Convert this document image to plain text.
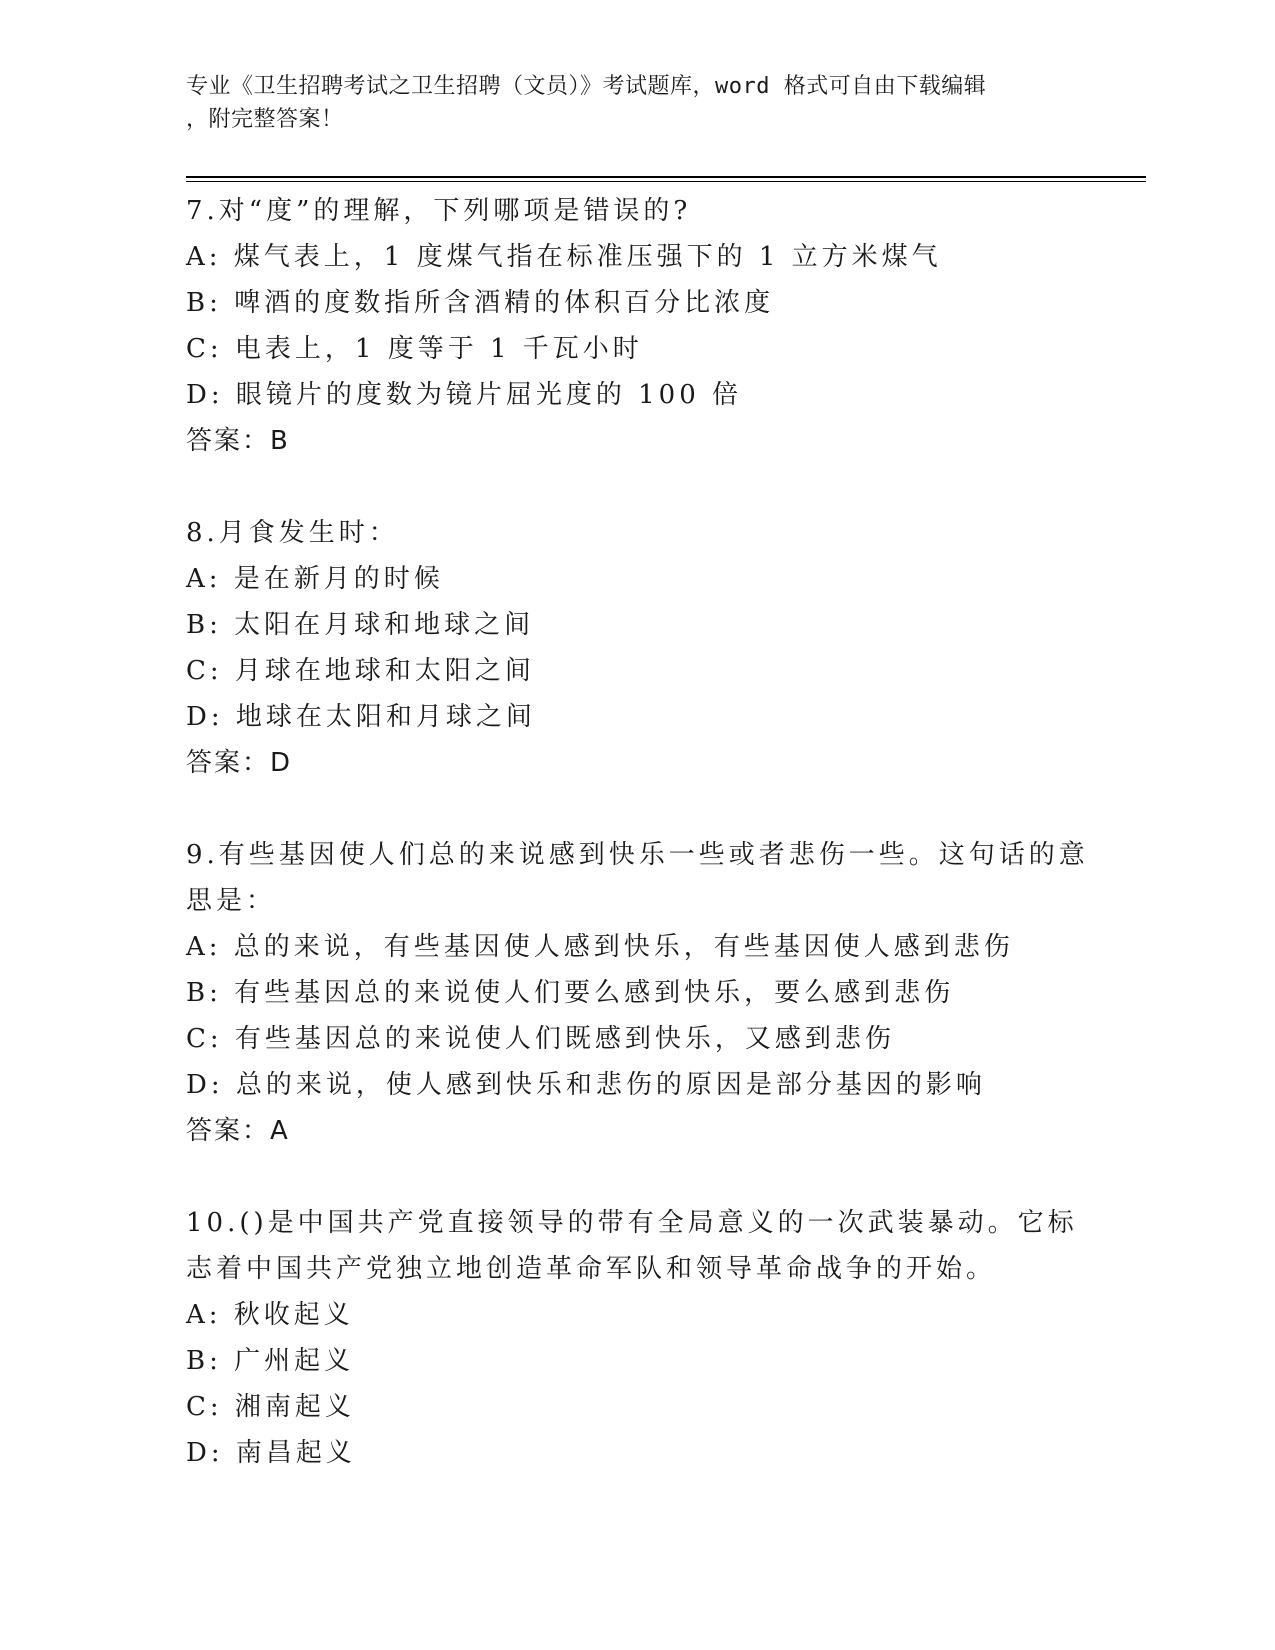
专业《卫生招聘考试之卫生招聘（文员）》考试题库，word 格式可自由下载编辑
，附完整答案！
7.对“度”的理解，下列哪项是错误的?
A: 煤气表上，1 度煤气指在标准压强下的 1 立方米煤气
B: 啤酒的度数指所含酒精的体积百分比浓度
C: 电表上，1 度等于 1 千瓦小时
D: 眼镜片的度数为镜片屈光度的 100 倍
答案：B
8.月食发生时：
A: 是在新月的时候
B: 太阳在月球和地球之间
C: 月球在地球和太阳之间
D: 地球在太阳和月球之间
答案：D
9.有些基因使人们总的来说感到快乐一些或者悲伤一些。这句话的意思是：
A: 总的来说，有些基因使人感到快乐，有些基因使人感到悲伤
B: 有些基因总的来说使人们要么感到快乐，要么感到悲伤
C: 有些基因总的来说使人们既感到快乐，又感到悲伤
D: 总的来说，使人感到快乐和悲伤的原因是部分基因的影响
答案：A
10.()是中国共产党直接领导的带有全局意义的一次武装暴动。它标志着中国共产党独立地创造革命军队和领导革命战争的开始。
A: 秋收起义
B: 广州起义
C: 湘南起义
D: 南昌起义
